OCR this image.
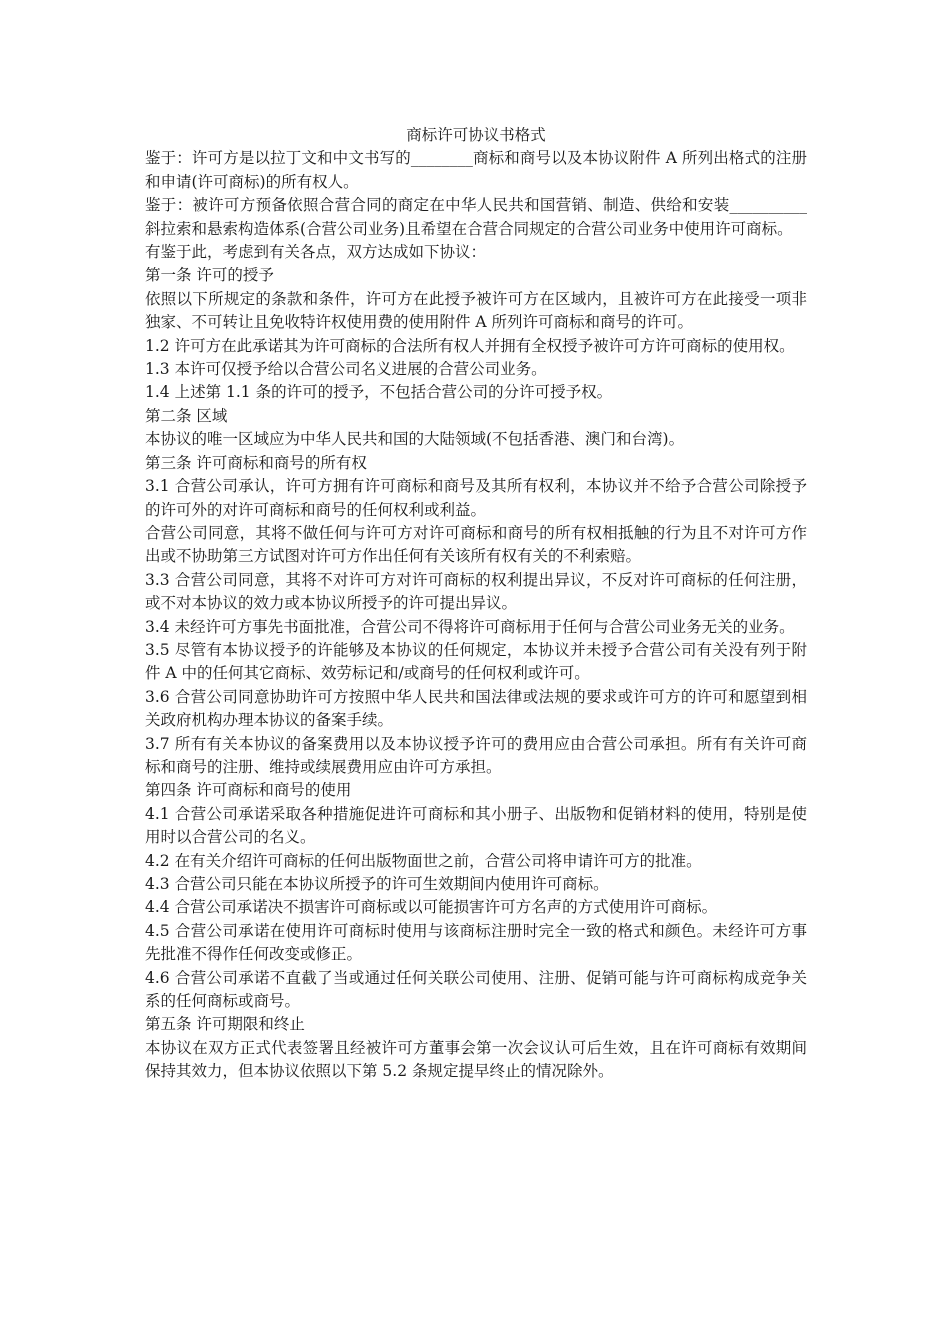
商标许可协议书格式

鉴于：许可方是以拉丁文和中文书写的________商标和商号以及本协议附件 A 所列出格式的注册和申请(许可商标)的所有权人。

鉴于：被许可方预备依照合营合同的商定在中华人民共和国营销、制造、供给和安装__________斜拉索和悬索构造体系(合营公司业务)且希望在合营合同规定的合营公司业务中使用许可商标。

有鉴于此，考虑到有关各点，双方达成如下协议：

第一条 许可的授予

依照以下所规定的条款和条件，许可方在此授予被许可方在区域内，且被许可方在此接受一项非独家、不可转让且免收特许权使用费的使用附件 A 所列许可商标和商号的许可。

1.2 许可方在此承诺其为许可商标的合法所有权人并拥有全权授予被许可方许可商标的使用权。

1.3 本许可仅授予给以合营公司名义进展的合营公司业务。

1.4 上述第 1.1 条的许可的授予，不包括合营公司的分许可授予权。

第二条 区域

本协议的唯一区域应为中华人民共和国的大陆领域(不包括香港、澳门和台湾)。

第三条 许可商标和商号的所有权

3.1 合营公司承认，许可方拥有许可商标和商号及其所有权利，本协议并不给予合营公司除授予的许可外的对许可商标和商号的任何权利或利益。

合营公司同意，其将不做任何与许可方对许可商标和商号的所有权相抵触的行为且不对许可方作出或不协助第三方试图对许可方作出任何有关该所有权有关的不利索赔。

3.3 合营公司同意，其将不对许可方对许可商标的权利提出异议，不反对许可商标的任何注册，或不对本协议的效力或本协议所授予的许可提出异议。

3.4 未经许可方事先书面批准，合营公司不得将许可商标用于任何与合营公司业务无关的业务。

3.5 尽管有本协议授予的许能够及本协议的任何规定，本协议并未授予合营公司有关没有列于附件 A 中的任何其它商标、效劳标记和/或商号的任何权利或许可。

3.6 合营公司同意协助许可方按照中华人民共和国法律或法规的要求或许可方的许可和愿望到相关政府机构办理本协议的备案手续。

3.7 所有有关本协议的备案费用以及本协议授予许可的费用应由合营公司承担。所有有关许可商标和商号的注册、维持或续展费用应由许可方承担。

第四条 许可商标和商号的使用

4.1 合营公司承诺采取各种措施促进许可商标和其小册子、出版物和促销材料的使用，特别是使用时以合营公司的名义。

4.2 在有关介绍许可商标的任何出版物面世之前，合营公司将申请许可方的批准。

4.3 合营公司只能在本协议所授予的许可生效期间内使用许可商标。

4.4 合营公司承诺决不损害许可商标或以可能损害许可方名声的方式使用许可商标。

4.5 合营公司承诺在使用许可商标时使用与该商标注册时完全一致的格式和颜色。未经许可方事先批准不得作任何改变或修正。

4.6 合营公司承诺不直截了当或通过任何关联公司使用、注册、促销可能与许可商标构成竞争关系的任何商标或商号。

第五条 许可期限和终止

本协议在双方正式代表签署且经被许可方董事会第一次会议认可后生效，且在许可商标有效期间保持其效力，但本协议依照以下第 5.2 条规定提早终止的情况除外。
